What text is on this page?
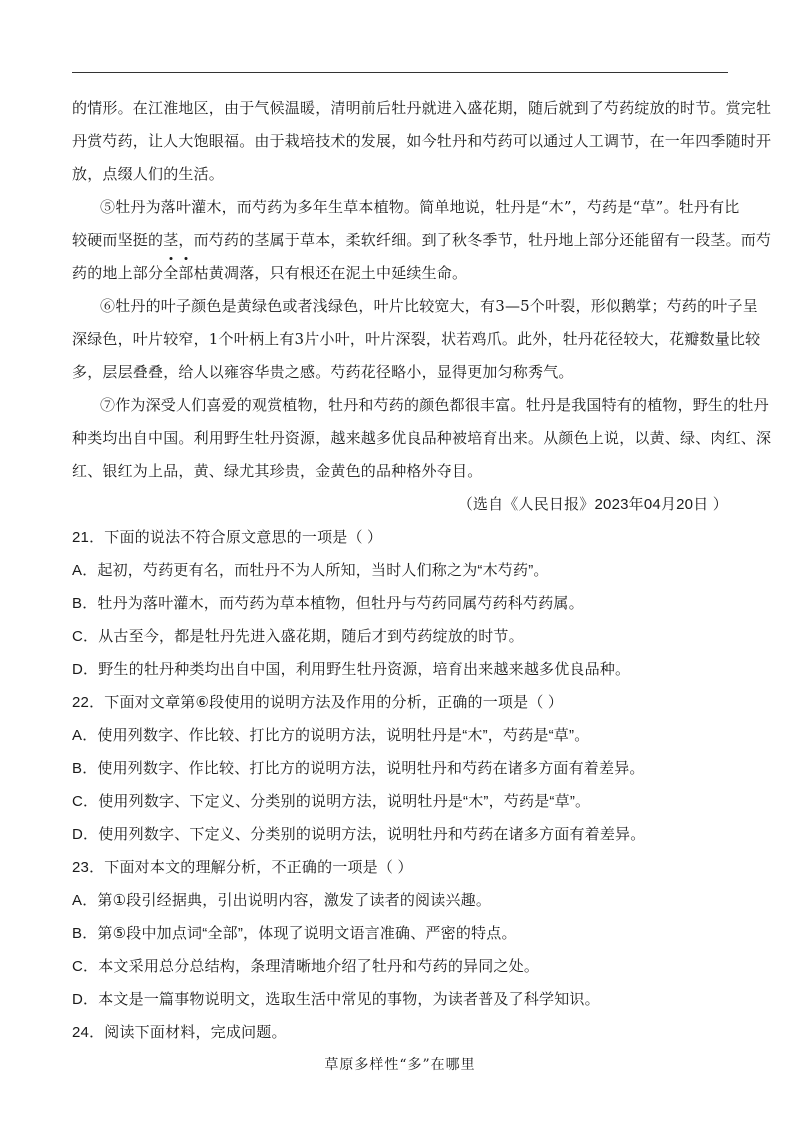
的情形。在江淮地区，由于气候温暖，清明前后牡丹就进入盛花期，随后就到了芍药绽放的时节。赏完牡
丹赏芍药，让人大饱眼福。由于栽培技术的发展，如今牡丹和芍药可以通过人工调节，在一年四季随时开
放，点缀人们的生活。
⑤牡丹为落叶灌木，而芍药为多年生草本植物。简单地说，牡丹是“木”，芍药是“草”。牡丹有比
较硬而坚挺的茎，而芍药的茎属于草本，柔软纤细。到了秋冬季节，牡丹地上部分还能留有一段茎。而芍
药的地上部分
全
部枯黄凋落，只有根还在泥土中延续生命。
⑥牡丹的叶子颜色是黄绿色或者浅绿色，叶片比较宽大，有3—5个叶裂，形似鹅掌；芍药的叶子呈
深绿色，叶片较窄，1个叶柄上有3片小叶，叶片深裂，状若鸡爪。此外，牡丹花径较大，花瓣数量比较
多，层层叠叠，给人以雍容华贵之感。芍药花径略小，显得更加匀称秀气。
⑦作为深受人们喜爱的观赏植物，牡丹和芍药的颜色都很丰富。牡丹是我国特有的植物，野生的牡丹
种类均出自中国。利用野生牡丹资源，越来越多优良品种被培育出来。从颜色上说，以黄、绿、肉红、深
红、银红为上品，黄、绿尤其珍贵，金黄色的品种格外夺目。
（选自《人民日报》2023年04月20日 ）
21．下面的说法不符合原文意思的一项是（ ）
A．起初，芍药更有名，而牡丹不为人所知，当时人们称之为“木芍药”。
B．牡丹为落叶灌木，而芍药为草本植物，但牡丹与芍药同属芍药科芍药属。
C．从古至今，都是牡丹先进入盛花期，随后才到芍药绽放的时节。
D．野生的牡丹种类均出自中国，利用野生牡丹资源，培育出来越来越多优良品种。
22．下面对文章第⑥段使用的说明方法及作用的分析，正确的一项是（ ）
A．使用列数字、作比较、打比方的说明方法，说明牡丹是“木”，芍药是“草”。
B．使用列数字、作比较、打比方的说明方法，说明牡丹和芍药在诸多方面有着差异。
C．使用列数字、下定义、分类别的说明方法，说明牡丹是“木”，芍药是“草”。
D．使用列数字、下定义、分类别的说明方法，说明牡丹和芍药在诸多方面有着差异。
23．下面对本文的理解分析，不正确的一项是（ ）
A．第①段引经据典，引出说明内容，激发了读者的阅读兴趣。
B．第⑤段中加点词“全部”，体现了说明文语言准确、严密的特点。
C．本文采用总分总结构，条理清晰地介绍了牡丹和芍药的异同之处。
D．本文是一篇事物说明文，选取生活中常见的事物，为读者普及了科学知识。
24．阅读下面材料，完成问题。
草原多样性“多”在哪里
